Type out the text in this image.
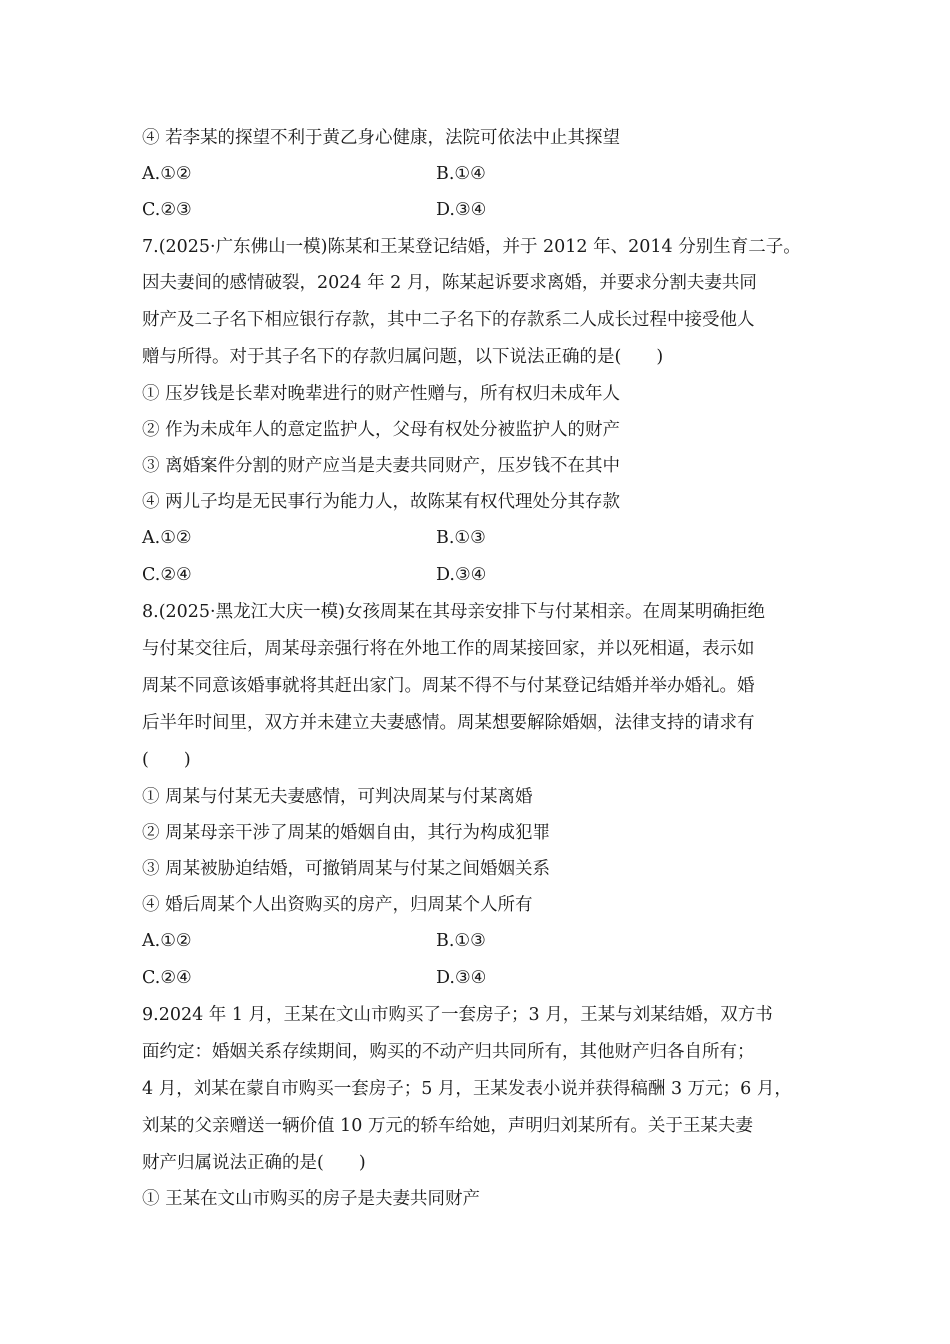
④ 若李某的探望不利于黄乙身心健康，法院可依法中止其探望
A.①②	B.①④
C.②③	D.③④
7.(2025·广东佛山一模)陈某和王某登记结婚，并于 2012 年、2014 分别生育二子。
因夫妻间的感情破裂，2024 年 2 月，陈某起诉要求离婚，并要求分割夫妻共同
财产及二子名下相应银行存款，其中二子名下的存款系二人成长过程中接受他人
赠与所得。对于其子名下的存款归属问题，以下说法正确的是(　　)
① 压岁钱是长辈对晚辈进行的财产性赠与，所有权归未成年人
② 作为未成年人的意定监护人，父母有权处分被监护人的财产
③ 离婚案件分割的财产应当是夫妻共同财产，压岁钱不在其中
④ 两儿子均是无民事行为能力人，故陈某有权代理处分其存款
A.①②	B.①③
C.②④	D.③④
8.(2025·黑龙江大庆一模)女孩周某在其母亲安排下与付某相亲。在周某明确拒绝
与付某交往后，周某母亲强行将在外地工作的周某接回家，并以死相逼，表示如
周某不同意该婚事就将其赶出家门。周某不得不与付某登记结婚并举办婚礼。婚
后半年时间里，双方并未建立夫妻感情。周某想要解除婚姻，法律支持的请求有
(　　)
① 周某与付某无夫妻感情，可判决周某与付某离婚
② 周某母亲干涉了周某的婚姻自由，其行为构成犯罪
③ 周某被胁迫结婚，可撤销周某与付某之间婚姻关系
④ 婚后周某个人出资购买的房产，归周某个人所有
A.①②	B.①③
C.②④	D.③④
9.2024 年 1 月，王某在文山市购买了一套房子；3 月，王某与刘某结婚，双方书
面约定：婚姻关系存续期间，购买的不动产归共同所有，其他财产归各自所有；
4 月，刘某在蒙自市购买一套房子；5 月，王某发表小说并获得稿酬 3 万元；6 月，
刘某的父亲赠送一辆价值 10 万元的轿车给她，声明归刘某所有。关于王某夫妻
财产归属说法正确的是(　　)
① 王某在文山市购买的房子是夫妻共同财产
